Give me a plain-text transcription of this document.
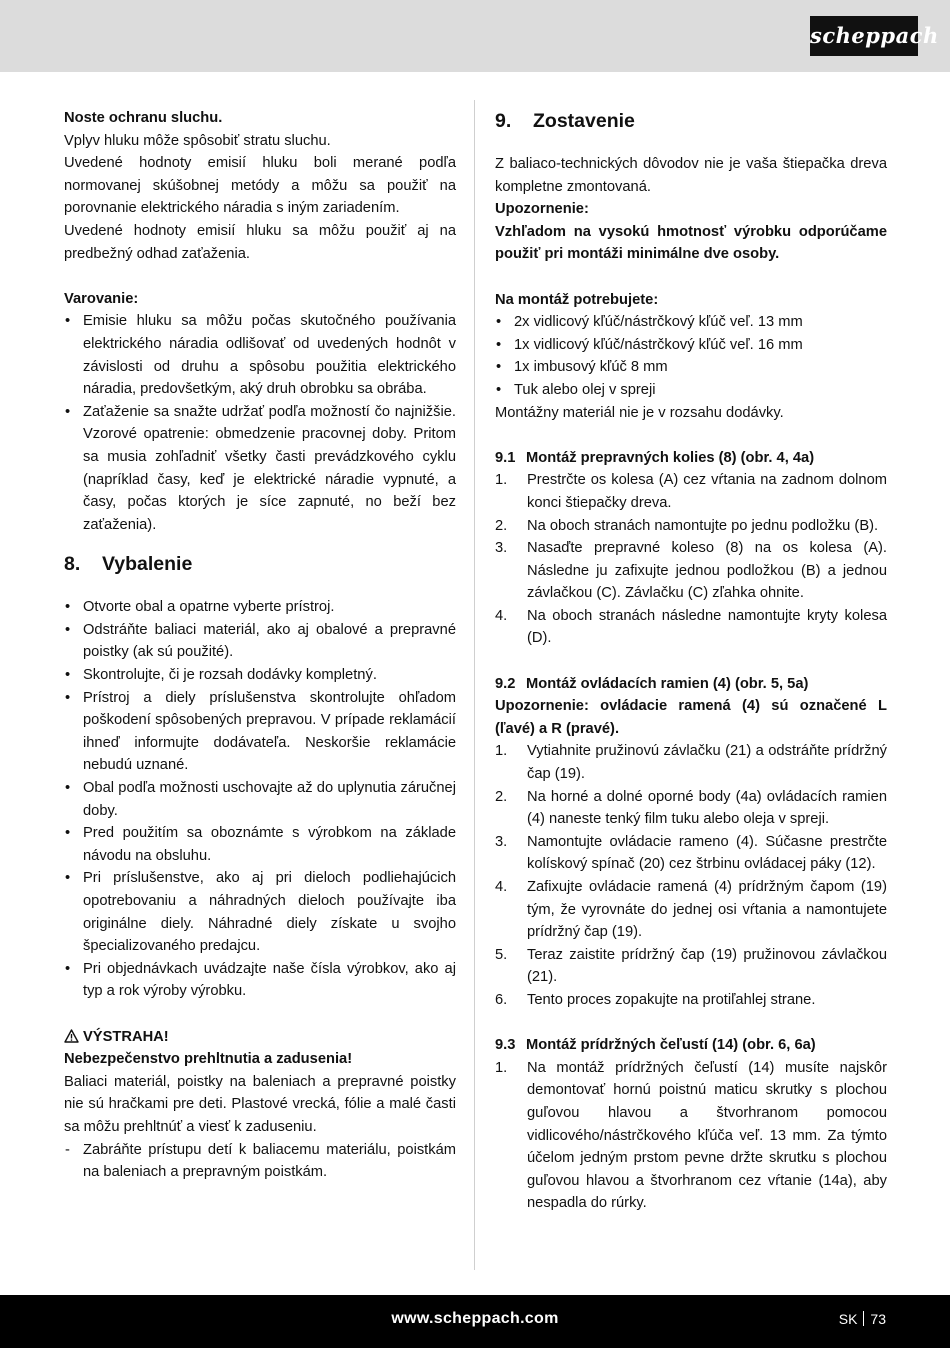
scheppach

Noste ochranu sluchu.

Vplyv hluku môže spôsobiť stratu sluchu.

Uvedené hodnoty emisií hluku boli merané podľa normovanej skúšobnej metódy a môžu sa použiť na porovnanie elektrického náradia s iným zariadením.

Uvedené hodnoty emisií hluku sa môžu použiť aj na predbežný odhad zaťaženia.

Varovanie:

• Emisie hluku sa môžu počas skutočného používania elektrického náradia odlišovať od uvedených hodnôt v závislosti od druhu a spôsobu použitia elektrického náradia, predovšetkým, aký druh obrobku sa obrába.
• Zaťaženie sa snažte udržať podľa možností čo najnižšie. Vzorové opatrenie: obmedzenie pracovnej doby. Pritom sa musia zohľadniť všetky časti prevádzkového cyklu (napríklad časy, keď je elektrické náradie vypnuté, a časy, počas ktorých je síce zapnuté, no beží bez zaťaženia).
8. Vybalenie
• Otvorte obal a opatrne vyberte prístroj.
• Odstráňte baliaci materiál, ako aj obalové a prepravné poistky (ak sú použité).
• Skontrolujte, či je rozsah dodávky kompletný.
• Prístroj a diely príslušenstva skontrolujte ohľadom poškodení spôsobených prepravou. V prípade reklamácií ihneď informujte dodávateľa. Neskoršie reklamácie nebudú uznané.
• Obal podľa možnosti uschovajte až do uplynutia záručnej doby.
• Pred použitím sa oboznámte s výrobkom na základe návodu na obsluhu.
• Pri príslušenstve, ako aj pri dieloch podliehajúcich opotrebovaniu a náhradných dieloch používajte iba originálne diely. Náhradné diely získate u svojho špecializovaného predajcu.
• Pri objednávkach uvádzajte naše čísla výrobkov, ako aj typ a rok výroby výrobku.

VÝSTRAHA!

Nebezpečenstvo prehltnutia a zadusenia!

Baliaci materiál, poistky na baleniach a prepravné poistky nie sú hračkami pre deti. Plastové vrecká, fólie a malé časti sa môžu prehltnúť a viesť k zaduseniu.

- Zabráňte prístupu detí k baliacemu materiálu, poistkám na baleniach a prepravným poistkám.
9. Zostavenie

Z baliaco-technických dôvodov nie je vaša štiepačka dreva kompletne zmontovaná.

Upozornenie:

Vzhľadom na vysokú hmotnosť výrobku odporúčame použiť pri montáži minimálne dve osoby.

Na montáž potrebujete:

• 2x vidlicový kľúč/nástrčkový kľúč veľ. 13 mm
• 1x vidlicový kľúč/nástrčkový kľúč veľ. 16 mm
• 1x imbusový kľúč 8 mm
• Tuk alebo olej v spreji

Montážny materiál nie je v rozsahu dodávky.

9.1 Montáž prepravných kolies (8) (obr. 4, 4a)

1. Prestrčte os kolesa (A) cez vŕtania na zadnom dolnom konci štiepačky dreva.
2. Na oboch stranách namontujte po jednu podložku (B).
3. Nasaďte prepravné koleso (8) na os kolesa (A). Následne ju zafixujte jednou podložkou (B) a jednou závlačkou (C). Závlačku (C) zľahka ohnite.
4. Na oboch stranách následne namontujte kryty kolesa (D).

9.2 Montáž ovládacích ramien (4) (obr. 5, 5a)

Upozornenie: ovládacie ramená (4) sú označené L (ľavé) a R (pravé).

1. Vytiahnite pružinovú závlačku (21) a odstráňte prídržný čap (19).
2. Na horné a dolné oporné body (4a) ovládacích ramien (4) naneste tenký film tuku alebo oleja v spreji.
3. Namontujte ovládacie rameno (4). Súčasne prestrčte kolískový spínač (20) cez štrbinu ovládacej páky (12).
4. Zafixujte ovládacie ramená (4) prídržným čapom (19) tým, že vyrovnáte do jednej osi vŕtania a namontujete prídržný čap (19).
5. Teraz zaistite prídržný čap (19) pružinovou závlačkou (21).
6. Tento proces zopakujte na protiľahlej strane.

9.3 Montáž prídržných čeľustí (14) (obr. 6, 6a)

1. Na montáž prídržných čeľustí (14) musíte najskôr demontovať hornú poistnú maticu skrutky s plochou guľovou hlavou a štvorhranom pomocou vidlicového/nástrčkového kľúča veľ. 13 mm. Za týmto účelom jedným prstom pevne držte skrutku s plochou guľovou hlavou a štvorhranom cez vŕtanie (14a), aby nespadla do rúrky.
www.scheppach.com	SK 73
